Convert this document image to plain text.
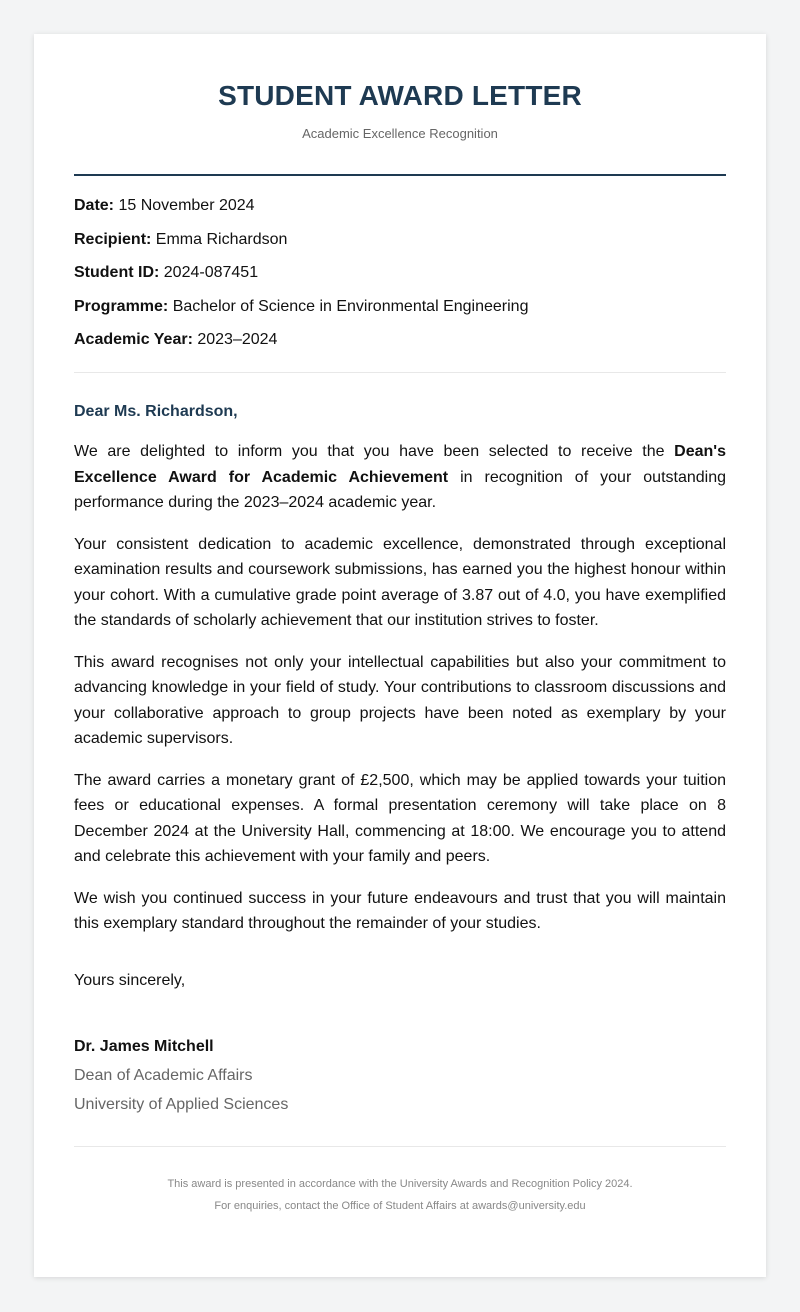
STUDENT AWARD LETTER
Academic Excellence Recognition
Date: 15 November 2024
Recipient: Emma Richardson
Student ID: 2024-087451
Programme: Bachelor of Science in Environmental Engineering
Academic Year: 2023–2024
Dear Ms. Richardson,

We are delighted to inform you that you have been selected to receive the Dean's Excellence Award for Academic Achievement in recognition of your outstanding performance during the 2023–2024 academic year.

Your consistent dedication to academic excellence, demonstrated through exceptional examination results and coursework submissions, has earned you the highest honour within your cohort. With a cumulative grade point average of 3.87 out of 4.0, you have exemplified the standards of scholarly achievement that our institution strives to foster.

This award recognises not only your intellectual capabilities but also your commitment to advancing knowledge in your field of study. Your contributions to classroom discussions and your collaborative approach to group projects have been noted as exemplary by your academic supervisors.

The award carries a monetary grant of £2,500, which may be applied towards your tuition fees or educational expenses. A formal presentation ceremony will take place on 8 December 2024 at the University Hall, commencing at 18:00. We encourage you to attend and celebrate this achievement with your family and peers.

We wish you continued success in your future endeavours and trust that you will maintain this exemplary standard throughout the remainder of your studies.

Yours sincerely,
Dr. James Mitchell
Dean of Academic Affairs
University of Applied Sciences
This award is presented in accordance with the University Awards and Recognition Policy 2024.
For enquiries, contact the Office of Student Affairs at awards@university.edu
